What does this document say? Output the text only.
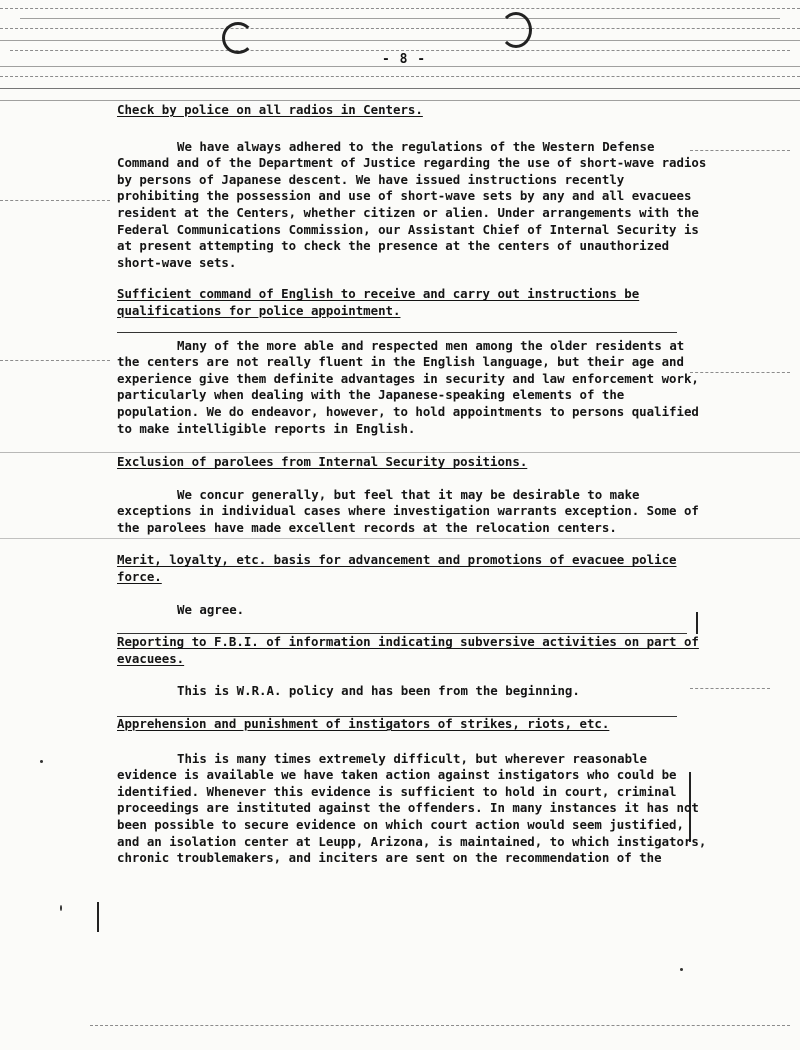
- 8 -
Check by police on all radios in Centers.

We have always adhered to the regulations of the Western Defense Command and of the Department of Justice regarding the use of short-wave radios by persons of Japanese descent. We have issued instructions recently prohibiting the possession and use of short-wave sets by any and all evacuees resident at the Centers, whether citizen or alien. Under arrangements with the Federal Communications Commission, our Assistant Chief of Internal Security is at present attempting to check the presence at the centers of unauthorized short-wave sets.

Sufficient command of English to receive and carry out instructions be qualifications for police appointment.

Many of the more able and respected men among the older residents at the centers are not really fluent in the English language, but their age and experience give them definite advantages in security and law enforcement work, particularly when dealing with the Japanese-speaking elements of the population. We do endeavor, however, to hold appointments to persons qualified to make intelligible reports in English.

Exclusion of parolees from Internal Security positions.

We concur generally, but feel that it may be desirable to make exceptions in individual cases where investigation warrants exception. Some of the parolees have made excellent records at the relocation centers.

Merit, loyalty, etc. basis for advancement and promotions of evacuee police force.

We agree.

Reporting to F.B.I. of information indicating subversive activities on part of evacuees.

This is W.R.A. policy and has been from the beginning.

Apprehension and punishment of instigators of strikes, riots, etc.

This is many times extremely difficult, but wherever reasonable evidence is available we have taken action against instigators who could be identified. Whenever this evidence is sufficient to hold in court, criminal proceedings are instituted against the offenders. In many instances it has not been possible to secure evidence on which court action would seem justified, and an isolation center at Leupp, Arizona, is maintained, to which instigators, chronic troublemakers, and inciters are sent on the recommendation of the
